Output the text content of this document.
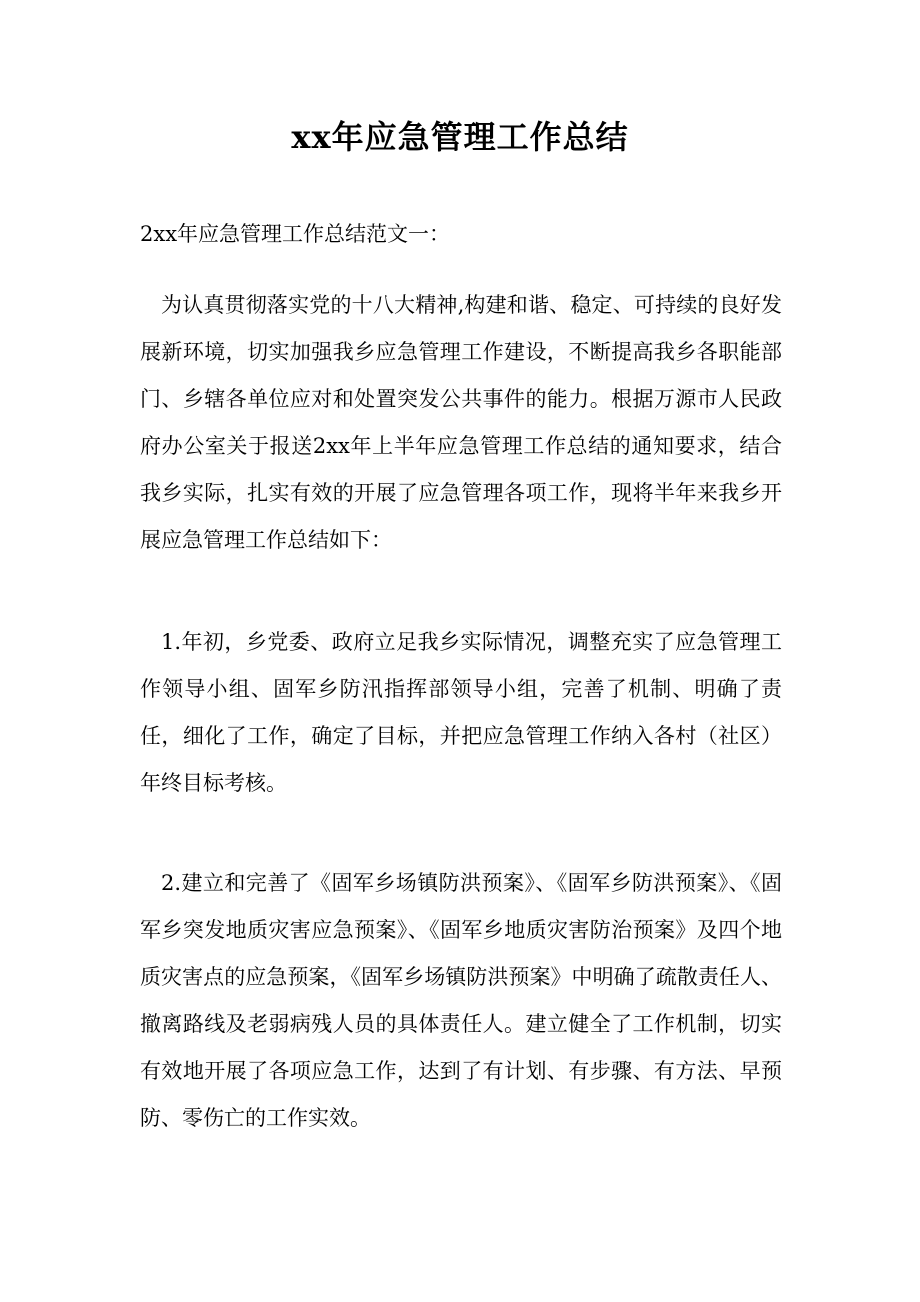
xx年应急管理工作总结
2xx年应急管理工作总结范文一：

为认真贯彻落实党的十八大精神,构建和谐、稳定、可持续的良好发展新环境，切实加强我乡应急管理工作建设，不断提高我乡各职能部门、乡辖各单位应对和处置突发公共事件的能力。根据万源市人民政府办公室关于报送2xx年上半年应急管理工作总结的通知要求，结合我乡实际，扎实有效的开展了应急管理各项工作，现将半年来我乡开展应急管理工作总结如下：

1.年初，乡党委、政府立足我乡实际情况，调整充实了应急管理工作领导小组、固军乡防汛指挥部领导小组，完善了机制、明确了责任，细化了工作，确定了目标，并把应急管理工作纳入各村（社区）年终目标考核。

2.建立和完善了《固军乡场镇防洪预案》、《固军乡防洪预案》、《固军乡突发地质灾害应急预案》、《固军乡地质灾害防治预案》及四个地质灾害点的应急预案，《固军乡场镇防洪预案》中明确了疏散责任人、撤离路线及老弱病残人员的具体责任人。建立健全了工作机制，切实有效地开展了各项应急工作，达到了有计划、有步骤、有方法、早预防、零伤亡的工作实效。
